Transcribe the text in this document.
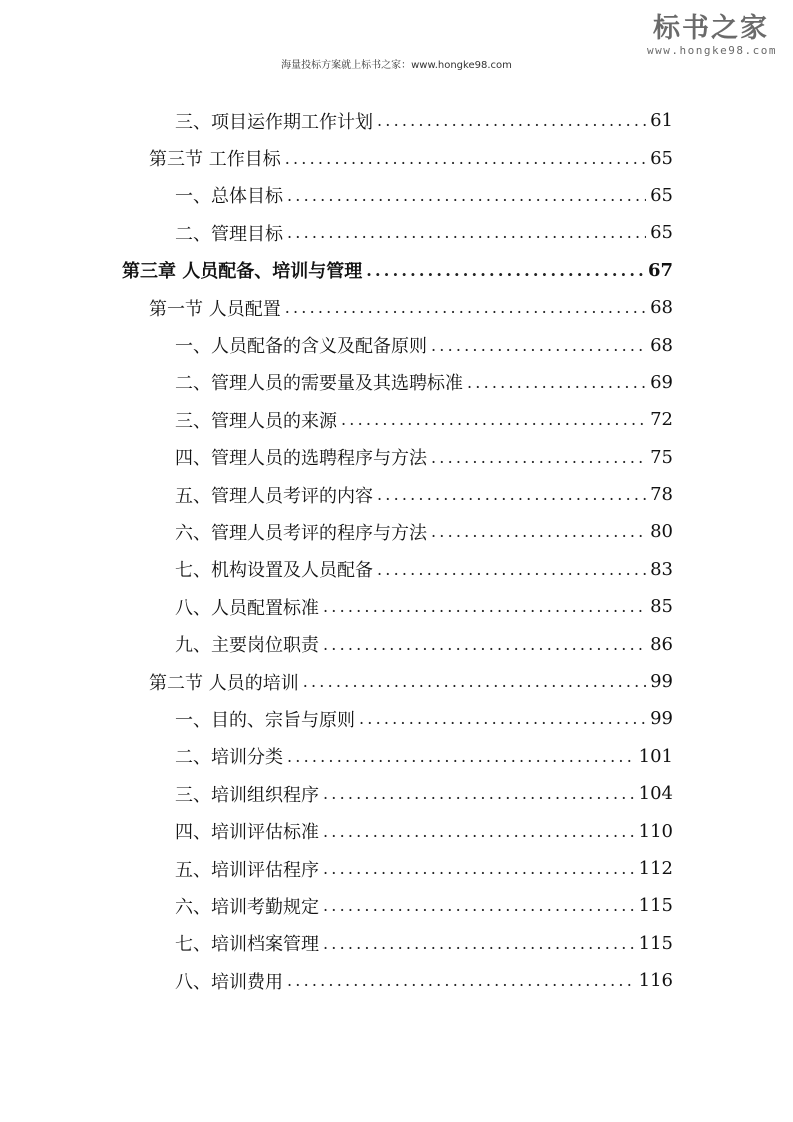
标书之家
www.hongke98.com
海量投标方案就上标书之家：www.hongke98.com
三、项目运作期工作计划 .....	61
第三节 工作目标 .....	65
一、总体目标 .....	65
二、管理目标 .....	65
第三章 人员配备、培训与管理 .....	67
第一节 人员配置 .....	68
一、人员配备的含义及配备原则 .....	68
二、管理人员的需要量及其选聘标准 .....	69
三、管理人员的来源 .....	72
四、管理人员的选聘程序与方法 .....	75
五、管理人员考评的内容 .....	78
六、管理人员考评的程序与方法 .....	80
七、机构设置及人员配备 .....	83
八、人员配置标准 .....	85
九、主要岗位职责 .....	86
第二节 人员的培训 .....	99
一、目的、宗旨与原则 .....	99
二、培训分类 .....	101
三、培训组织程序 .....	104
四、培训评估标准 .....	110
五、培训评估程序 .....	112
六、培训考勤规定 .....	115
七、培训档案管理 .....	115
八、培训费用 .....	116
